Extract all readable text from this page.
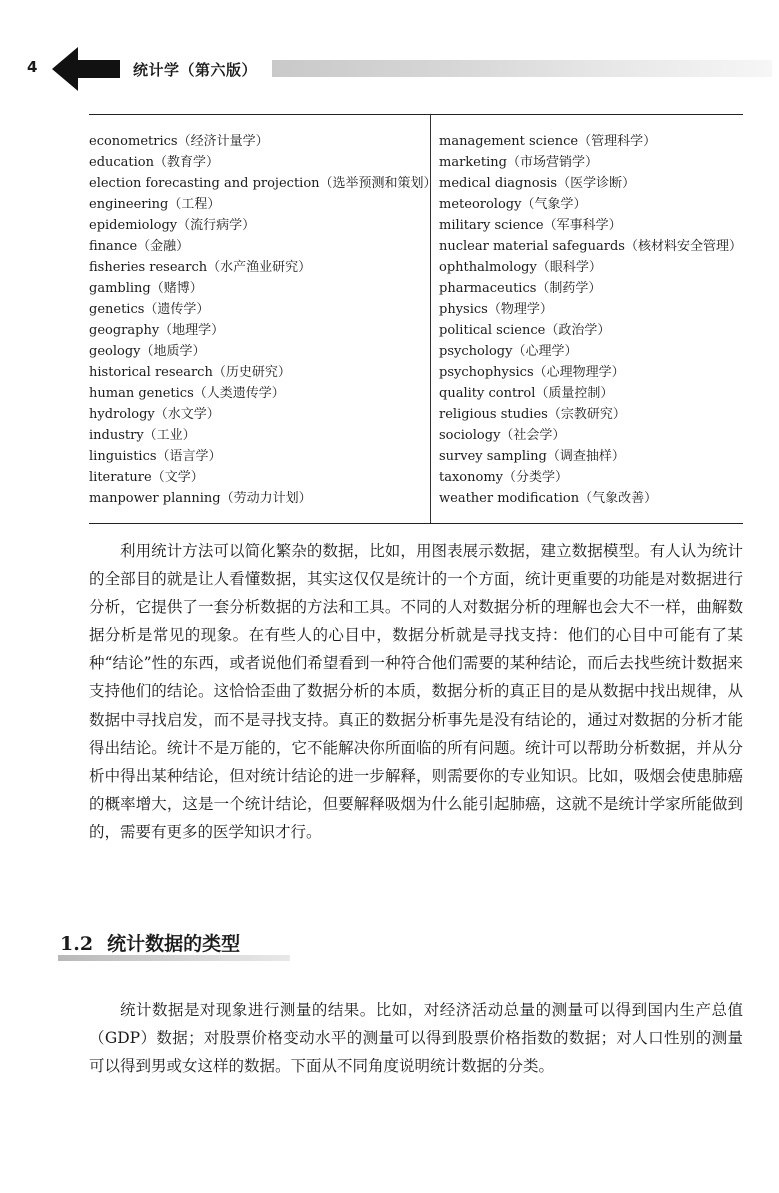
4	统计学（第六版）
econometrics（经济计量学）
education（教育学）
election forecasting and projection（选举预测和策划）
engineering（工程）
epidemiology（流行病学）
finance（金融）
fisheries research（水产渔业研究）
gambling（赌博）
genetics（遗传学）
geography（地理学）
geology（地质学）
historical research（历史研究）
human genetics（人类遗传学）
hydrology（水文学）
industry（工业）
linguistics（语言学）
literature（文学）
manpower planning（劳动力计划）
management science（管理科学）
marketing（市场营销学）
medical diagnosis（医学诊断）
meteorology（气象学）
military science（军事科学）
nuclear material safeguards（核材料安全管理）
ophthalmology（眼科学）
pharmaceutics（制药学）
physics（物理学）
political science（政治学）
psychology（心理学）
psychophysics（心理物理学）
quality control（质量控制）
religious studies（宗教研究）
sociology（社会学）
survey sampling（调查抽样）
taxonomy（分类学）
weather modification（气象改善）

利用统计方法可以简化繁杂的数据，比如，用图表展示数据，建立数据模型。有人认为统计的全部目的就是让人看懂数据，其实这仅仅是统计的一个方面，统计更重要的功能是对数据进行分析，它提供了一套分析数据的方法和工具。不同的人对数据分析的理解也会大不一样，曲解数据分析是常见的现象。在有些人的心目中，数据分析就是寻找支持：他们的心目中可能有了某种“结论”性的东西，或者说他们希望看到一种符合他们需要的某种结论，而后去找些统计数据来支持他们的结论。这恰恰歪曲了数据分析的本质，数据分析的真正目的是从数据中找出规律，从数据中寻找启发，而不是寻找支持。真正的数据分析事先是没有结论的，通过对数据的分析才能得出结论。统计不是万能的，它不能解决你所面临的所有问题。统计可以帮助分析数据，并从分析中得出某种结论，但对统计结论的进一步解释，则需要你的专业知识。比如，吸烟会使患肺癌的概率增大，这是一个统计结论，但要解释吸烟为什么能引起肺癌，这就不是统计学家所能做到的，需要有更多的医学知识才行。

1.2 统计数据的类型

统计数据是对现象进行测量的结果。比如，对经济活动总量的测量可以得到国内生产总值（GDP）数据；对股票价格变动水平的测量可以得到股票价格指数的数据；对人口性别的测量可以得到男或女这样的数据。下面从不同角度说明统计数据的分类。
